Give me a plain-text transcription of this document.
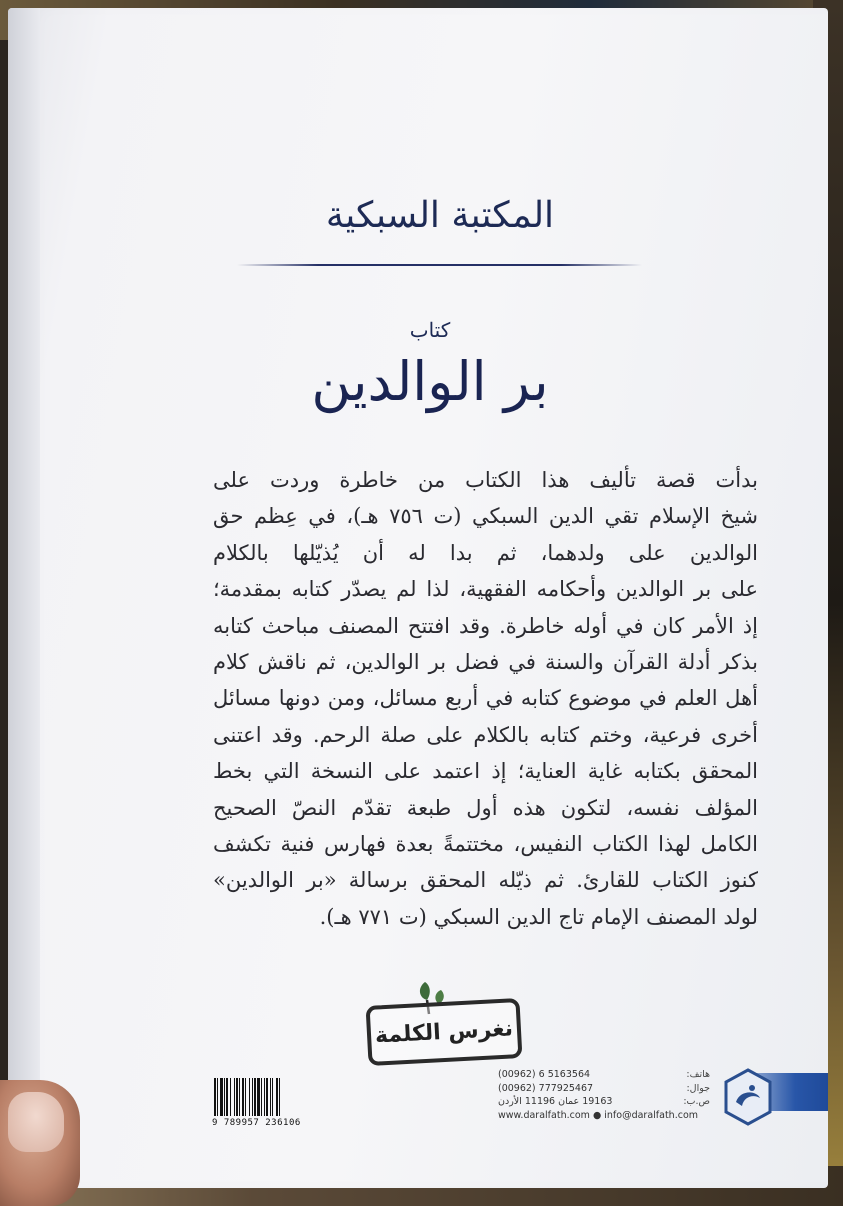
المكتبة السبكية
كتاب
بر الوالدين

بدأت قصة تأليف هذا الكتاب من خاطرة وردت على

شيخ الإسلام تقي الدين السبكي (ت ٧٥٦ هـ)، في عِظم حق

الوالدين على ولدهما، ثم بدا له أن يُذيّلها بالكلام

على بر الوالدين وأحكامه الفقهية، لذا لم يصدّر كتابه بمقدمة؛

إذ الأمر كان في أوله خاطرة. وقد افتتح المصنف مباحث كتابه

بذكر أدلة القرآن والسنة في فضل بر الوالدين، ثم ناقش كلام

أهل العلم في موضوع كتابه في أربع مسائل، ومن دونها مسائل

أخرى فرعية، وختم كتابه بالكلام على صلة الرحم. وقد اعتنى

المحقق بكتابه غاية العناية؛ إذ اعتمد على النسخة التي بخط

المؤلف نفسه، لتكون هذه أول طبعة تقدّم النصّ الصحيح

الكامل لهذا الكتاب النفيس، مختتمةً بعدة فهارس فنية تكشف

كنوز الكتاب للقارئ. ثم ذيّله المحقق برسالة «بر الوالدين»

لولد المصنف الإمام تاج الدين السبكي (ت ٧٧١ هـ).

نغرس الكلمة
9 789957 236106
(00962) 6 5163564	هاتف:
(00962) 777925467	جوال:
19163 عمان 11196 الأردن	ص.ب:
www.daralfath.com ● info@daralfath.com
